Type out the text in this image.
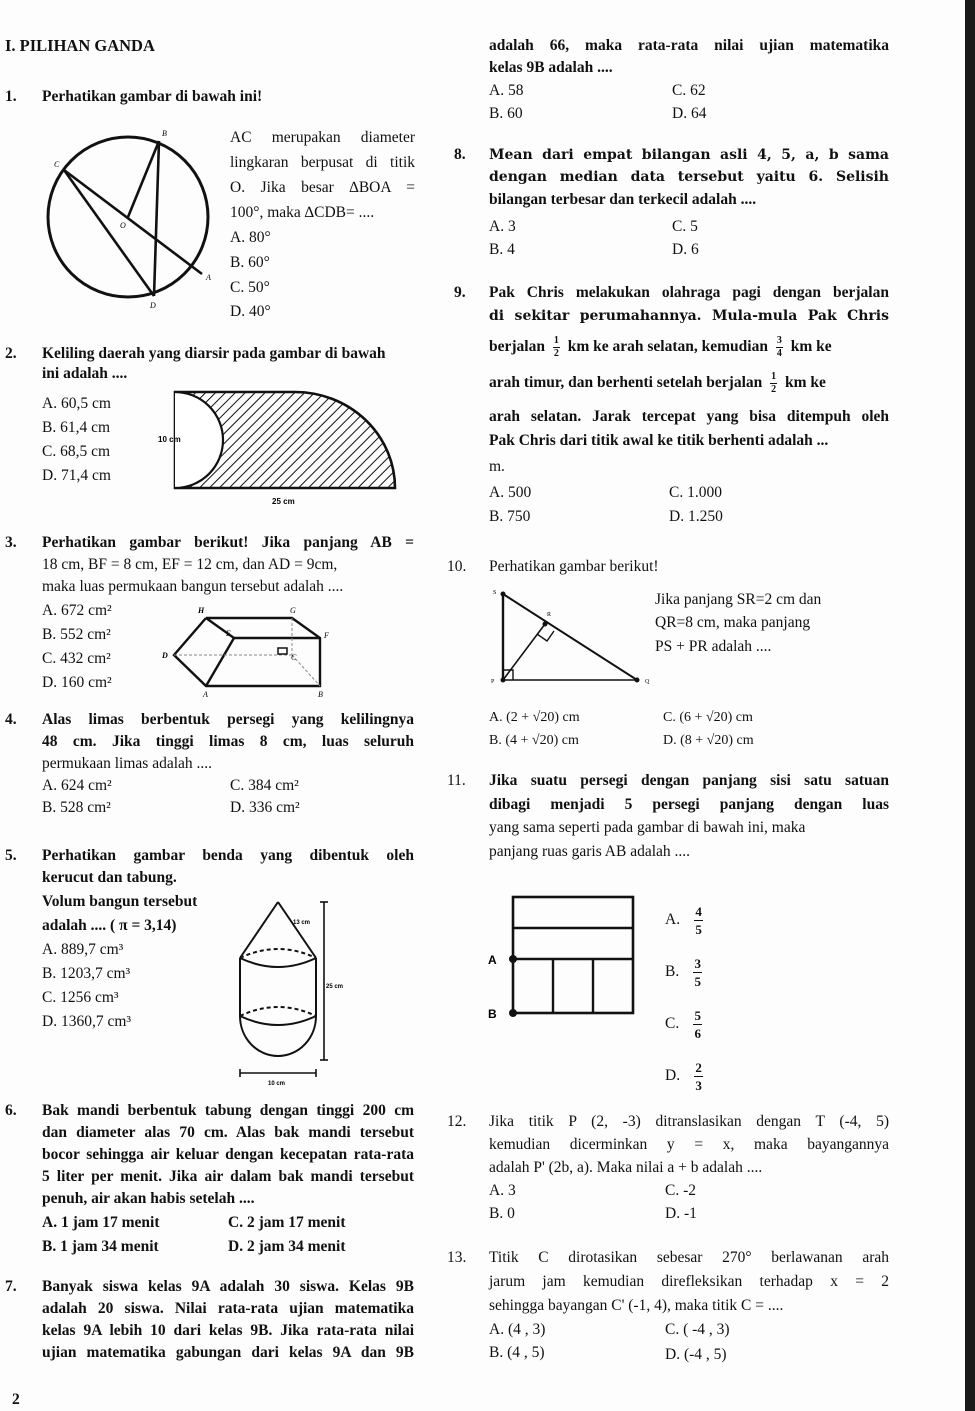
I. PILIHAN GANDA
1. Perhatikan gambar di bawah ini!
B
C
O
A
D
AC merupakan diameter
lingkaran berpusat di titik
O. Jika besar ∆BOA =
100°, maka ∆CDB= ....
A. 80°
B. 60°
C. 50°
D. 40°
2. Keliling daerah yang diarsir pada gambar di bawah
ini adalah ....
A. 60,5 cm
B. 61,4 cm
C. 68,5 cm
D. 71,4 cm
10 cm
25 cm
3. Perhatikan gambar berikut! Jika panjang AB =
18 cm, BF = 8 cm, EF = 12 cm, dan AD = 9cm,
maka luas permukaan bangun tersebut adalah ....
A. 672 cm²
B. 552 cm²
C. 432 cm²
D. 160 cm²
H	G
E	F
D	C
A	B
4. Alas limas berbentuk persegi yang kelilingnya
48 cm. Jika tinggi limas 8 cm, luas seluruh
permukaan limas adalah ....
A. 624 cm²
B. 528 cm²
C. 384 cm²
D. 336 cm²
5. Perhatikan gambar benda yang dibentuk oleh
kerucut dan tabung.
Volum bangun tersebut
adalah .... ( π = 3,14)
A. 889,7 cm³
B. 1203,7 cm³
C. 1256 cm³
D. 1360,7 cm³
13 cm
25 cm
10 cm
6. Bak mandi berbentuk tabung dengan tinggi 200 cm
dan diameter alas 70 cm. Alas bak mandi tersebut
bocor sehingga air keluar dengan kecepatan rata-rata
5 liter per menit. Jika air dalam bak mandi tersebut
penuh, air akan habis setelah ....
A. 1 jam 17 menit
B. 1 jam 34 menit
C. 2 jam 17 menit
D. 2 jam 34 menit
7. Banyak siswa kelas 9A adalah 30 siswa. Kelas 9B
adalah 20 siswa. Nilai rata-rata ujian matematika
kelas 9A lebih 10 dari kelas 9B. Jika rata-rata nilai
ujian matematika gabungan dari kelas 9A dan 9B
2
adalah 66, maka rata-rata nilai ujian matematika
kelas 9B adalah ....
A. 58
B. 60
C. 62
D. 64
8. Mean dari empat bilangan asli 4, 5, a, b sama
dengan median data tersebut yaitu 6. Selisih
bilangan terbesar dan terkecil adalah ....
A. 3
B. 4
C. 5
D. 6
9. Pak Chris melakukan olahraga pagi dengan berjalan
di sekitar perumahannya. Mula-mula Pak Chris
berjalan $\frac{1}{2}$ km ke arah selatan, kemudian $\frac{3}{4}$ km ke
arah timur, dan berhenti setelah berjalan $\frac{1}{2}$ km ke
arah selatan. Jarak tercepat yang bisa ditempuh oleh
Pak Chris dari titik awal ke titik berhenti adalah ...
m.
A. 500
B. 750
C. 1.000
D. 1.250
10. Perhatikan gambar berikut!
S
R
P	Q
Jika panjang SR=2 cm dan
QR=8 cm, maka panjang
PS + PR adalah ....
A. (2 + √20) cm
B. (4 + √20) cm
C. (6 + √20) cm
D. (8 + √20) cm
11. Jika suatu persegi dengan panjang sisi satu satuan
dibagi menjadi 5 persegi panjang dengan luas
yang sama seperti pada gambar di bawah ini, maka
panjang ruas garis AB adalah ....
A
B
A. $\frac{4}{5}$
B. $\frac{3}{5}$
C. $\frac{5}{6}$
D. $\frac{2}{3}$
12. Jika titik P (2, -3) ditranslasikan dengan T (-4, 5)
kemudian dicerminkan y = x, maka bayangannya
adalah P' (2b, a). Maka nilai a + b adalah ....
A. 3
B. 0
C. -2
D. -1
13. Titik C dirotasikan sebesar 270° berlawanan arah
jarum jam kemudian direfleksikan terhadap x = 2
sehingga bayangan C' (-1, 4), maka titik C = ....
A. (4 , 3)
B. (4 , 5)
C. ( -4 , 3)
D. (-4 , 5)
